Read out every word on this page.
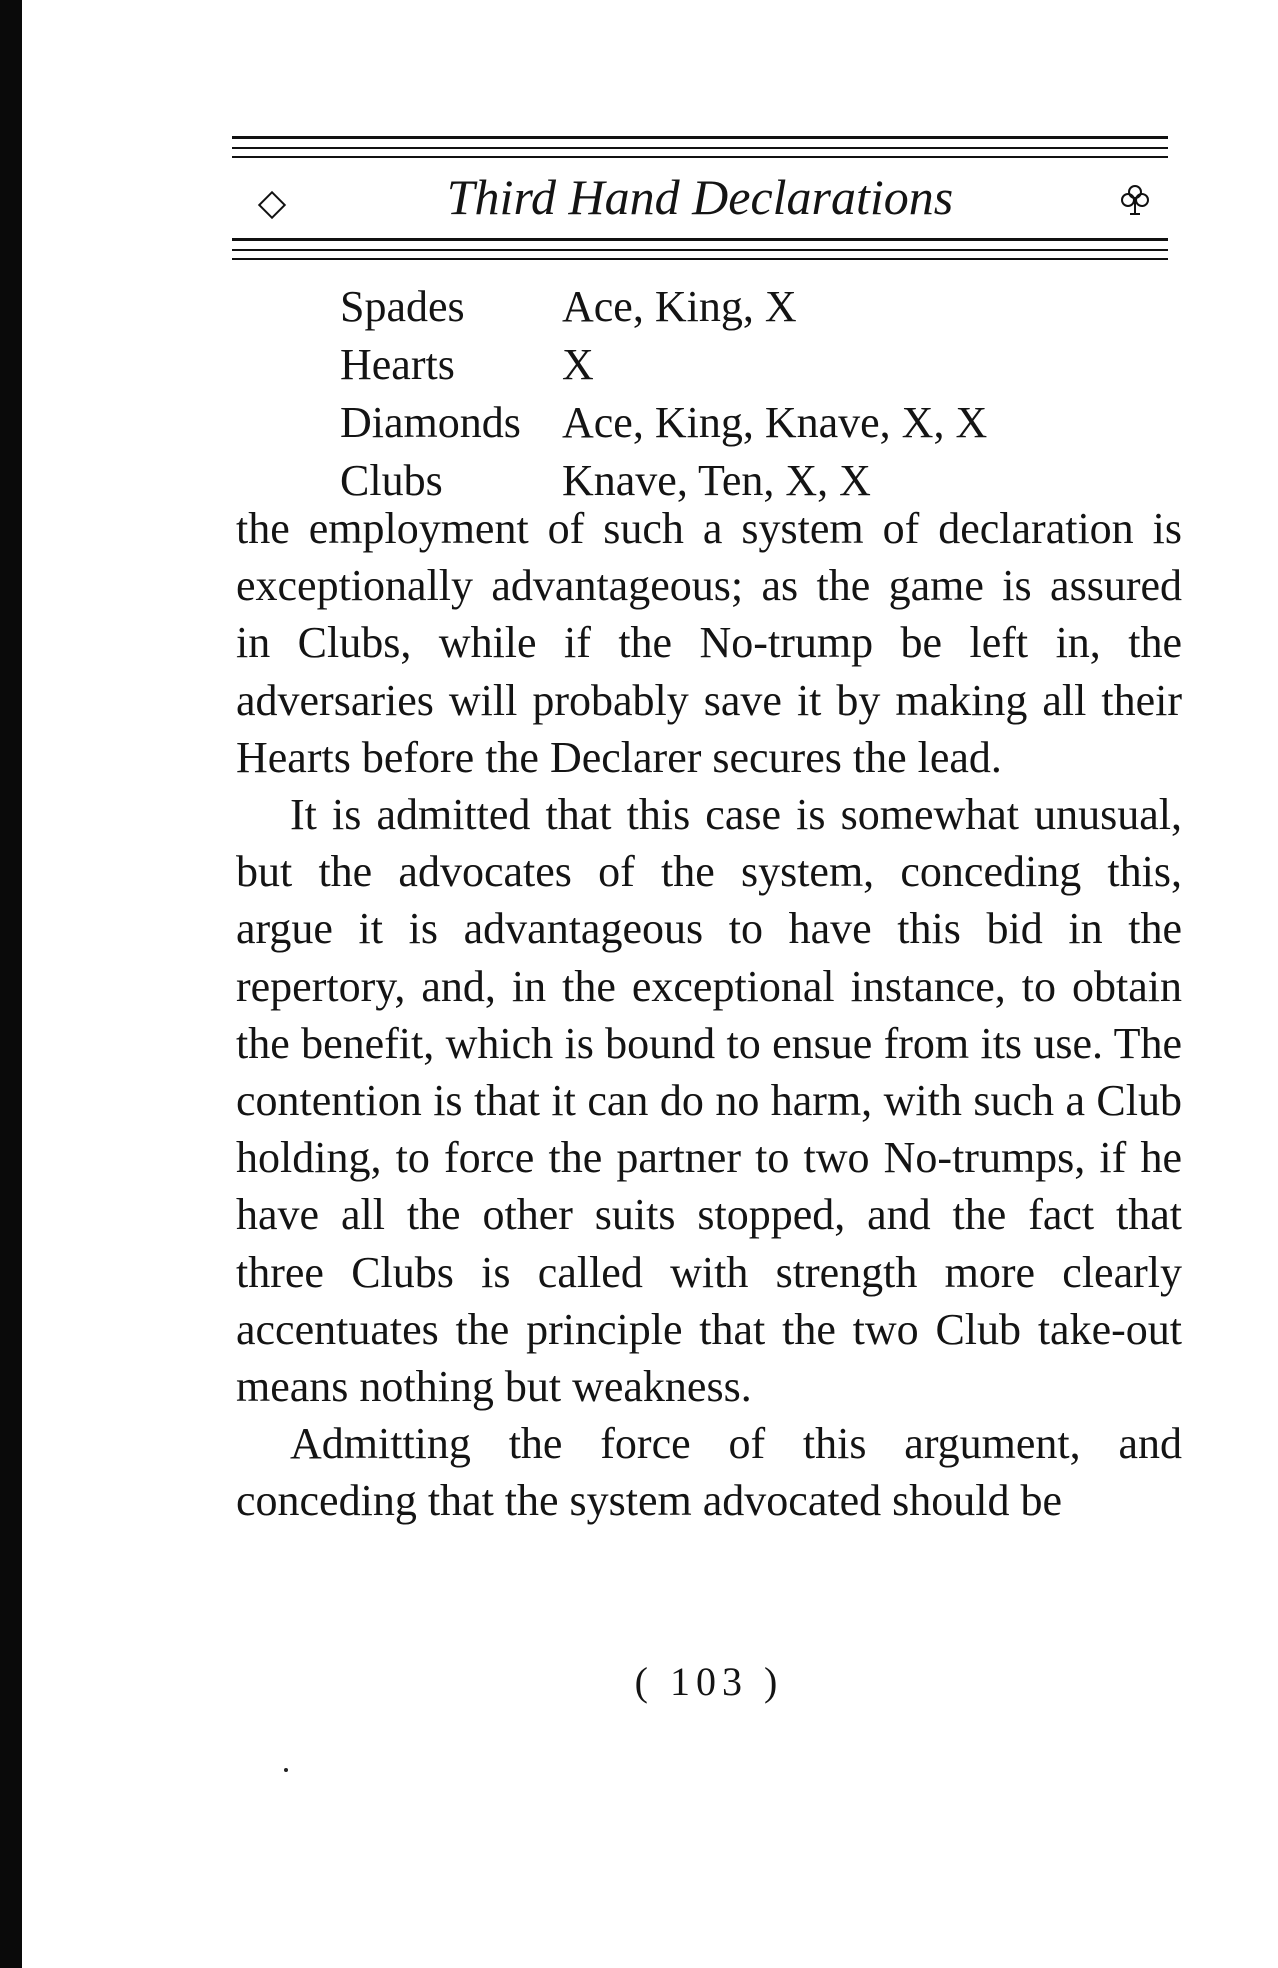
Third Hand Declarations
Spades	Ace, King, X
Hearts	X
Diamonds	Ace, King, Knave, X, X
Clubs	Knave, Ten, X, X

the employment of such a system of declaration is exceptionally advantageous; as the game is assured in Clubs, while if the No-trump be left in, the adversaries will probably save it by making all their Hearts before the Declarer secures the lead.

It is admitted that this case is somewhat unusual, but the advocates of the system, conceding this, argue it is advantageous to have this bid in the repertory, and, in the exceptional instance, to obtain the benefit, which is bound to ensue from its use. The contention is that it can do no harm, with such a Club holding, to force the partner to two No-trumps, if he have all the other suits stopped, and the fact that three Clubs is called with strength more clearly accentuates the principle that the two Club take-out means nothing but weakness.

Admitting the force of this argument, and conceding that the system advocated should be

( 103 )
